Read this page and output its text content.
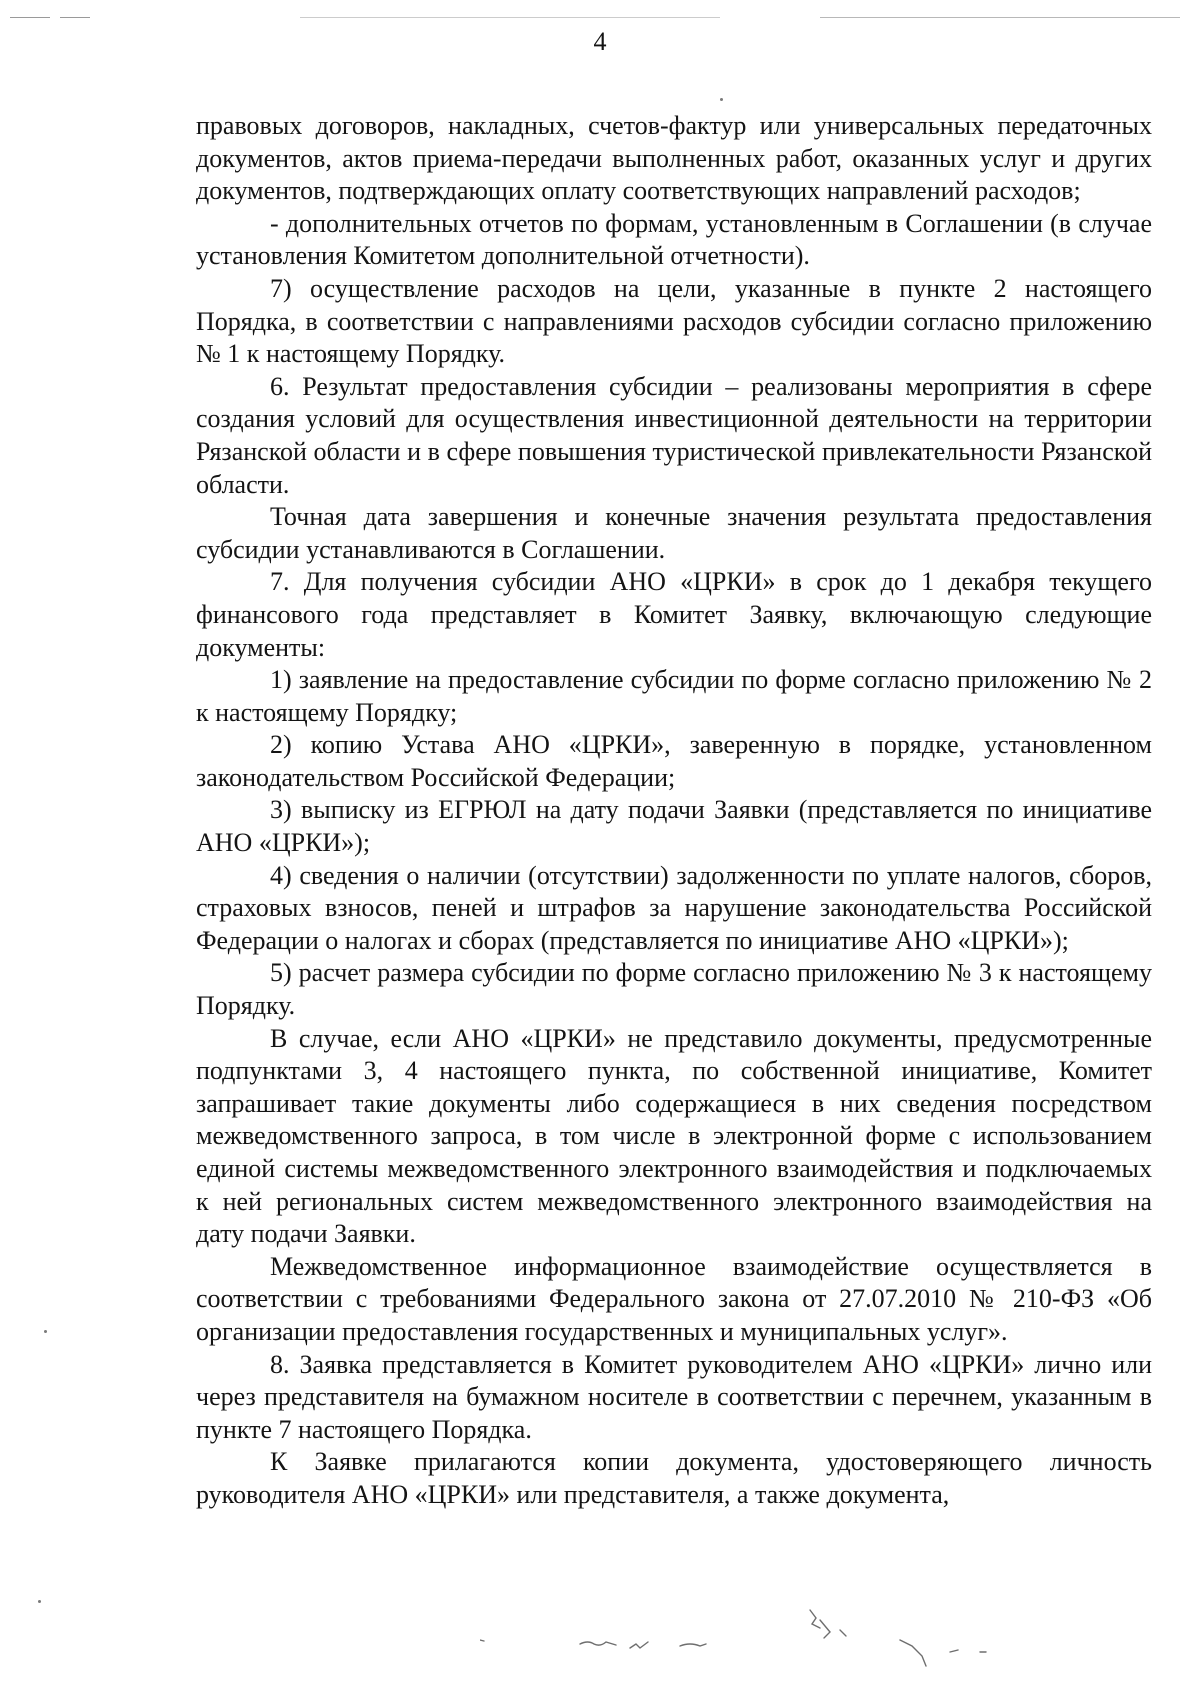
4

правовых договоров, накладных, счетов-фактур или универсальных передаточных документов, актов приема-передачи выполненных работ, оказанных услуг и других документов, подтверждающих оплату соответствующих направлений расходов;

- дополнительных отчетов по формам, установленным в Соглашении (в случае установления Комитетом дополнительной отчетности).

7) осуществление расходов на цели, указанные в пункте 2 настоящего Порядка, в соответствии с направлениями расходов субсидии согласно приложению № 1 к настоящему Порядку.

6. Результат предоставления субсидии – реализованы мероприятия в сфере создания условий для осуществления инвестиционной деятельности на территории Рязанской области и в сфере повышения туристической привлекательности Рязанской области.

Точная дата завершения и конечные значения результата предоставления субсидии устанавливаются в Соглашении.

7. Для получения субсидии АНО «ЦРКИ» в срок до 1 декабря текущего финансового года представляет в Комитет Заявку, включающую следующие документы:

1) заявление на предоставление субсидии по форме согласно приложению № 2 к настоящему Порядку;

2) копию Устава АНО «ЦРКИ», заверенную в порядке, установленном законодательством Российской Федерации;

3) выписку из ЕГРЮЛ на дату подачи Заявки (представляется по инициативе АНО «ЦРКИ»);

4) сведения о наличии (отсутствии) задолженности по уплате налогов, сборов, страховых взносов, пеней и штрафов за нарушение законодательства Российской Федерации о налогах и сборах (представляется по инициативе АНО «ЦРКИ»);

5) расчет размера субсидии по форме согласно приложению № 3 к настоящему Порядку.

В случае, если АНО «ЦРКИ» не представило документы, предусмотренные подпунктами 3, 4 настоящего пункта, по собственной инициативе, Комитет запрашивает такие документы либо содержащиеся в них сведения посредством межведомственного запроса, в том числе в электронной форме с использованием единой системы межведомственного электронного взаимодействия и подключаемых к ней региональных систем межведомственного электронного взаимодействия на дату подачи Заявки.

Межведомственное информационное взаимодействие осуществляется в соответствии с требованиями Федерального закона от 27.07.2010 № 210-ФЗ «Об организации предоставления государственных и муниципальных услуг».

8. Заявка представляется в Комитет руководителем АНО «ЦРКИ» лично или через представителя на бумажном носителе в соответствии с перечнем, указанным в пункте 7 настоящего Порядка.

К Заявке прилагаются копии документа, удостоверяющего личность руководителя АНО «ЦРКИ» или представителя, а также документа,
